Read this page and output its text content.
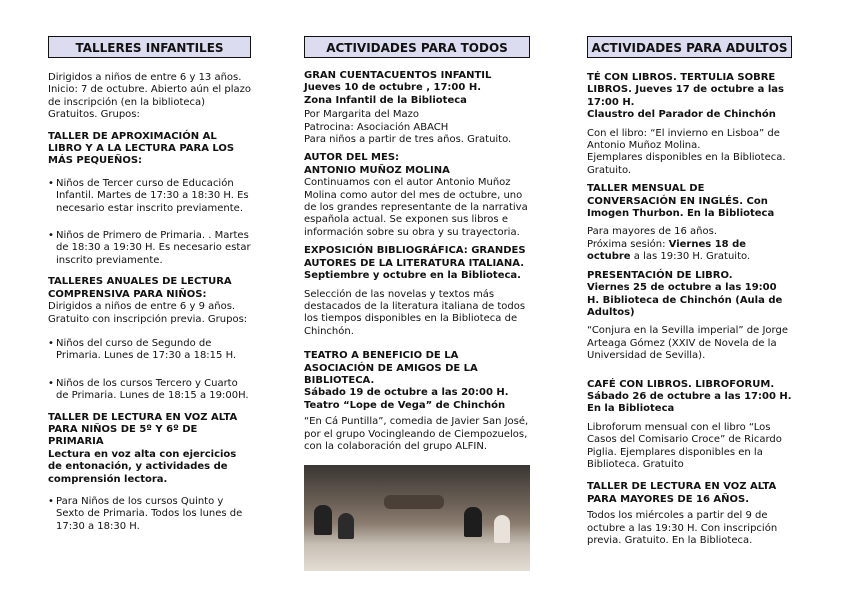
TALLERES INFANTILES

Dirigidos a niños de entre 6 y 13 años. Inicio: 7 de octubre. Abierto aún el plazo de inscripción (en la biblioteca) Gratuitos. Grupos:

TALLER DE APROXIMACIÓN AL LIBRO Y A LA LECTURA PARA LOS MÁS PEQUEÑOS:

• Niños de Tercer curso de Educación Infantil. Martes de 17:30 a 18:30 H. Es necesario estar inscrito previamente.
• Niños de Primero de Primaria. . Martes de 18:30 a 19:30 H. Es necesario estar inscrito previamente.

TALLERES ANUALES DE LECTURA COMPRENSIVA PARA NIÑOS:

Dirigidos a niños de entre 6 y 9 años. Gratuito con inscripción previa. Grupos:

• Niños del curso de Segundo de Primaria. Lunes de 17:30 a 18:15 H.
• Niños de los cursos Tercero y Cuarto de Primaria. Lunes de 18:15 a 19:00H.

TALLER DE LECTURA EN VOZ ALTA PARA NIÑOS DE 5º Y 6º DE PRIMARIA

Lectura en voz alta con ejercicios de entonación, y actividades de comprensión lectora.

• Para Niños de los cursos Quinto y Sexto de Primaria. Todos los lunes de 17:30 a 18:30 H.
ACTIVIDADES PARA TODOS

GRAN CUENTACUENTOS INFANTIL

Jueves 10 de octubre , 17:00 H.

Zona Infantil de la Biblioteca

Por Margarita del Mazo

Patrocina: Asociación ABACH

Para niños a partir de tres años. Gratuito.

AUTOR DEL MES:

ANTONIO MUÑOZ MOLINA

Continuamos con el autor Antonio Muñoz Molina como autor del mes de octubre, uno de los grandes representante de la narrativa española actual. Se exponen sus libros e información sobre su obra y su trayectoria.

EXPOSICIÓN BIBLIOGRÁFICA: GRANDES AUTORES DE LA LITERATURA ITALIANA.

Septiembre y octubre en la Biblioteca.

Selección de las novelas y textos más destacados de la literatura italiana de todos los tiempos disponibles en la Biblioteca de Chinchón.

TEATRO A BENEFICIO DE LA ASOCIACIÓN DE AMIGOS DE LA BIBLIOTECA.

Sábado 19 de octubre a las 20:00 H.

Teatro “Lope de Vega” de Chinchón

“En Cá Puntilla”, comedia de Javier San José, por el grupo Vocingleando de Ciempozuelos, con la colaboración del grupo ALFIN.

ACTIVIDADES PARA ADULTOS

TÉ CON LIBROS. TERTULIA SOBRE LIBROS. Jueves 17 de octubre a las 17:00 H.

Claustro del Parador de Chinchón

Con el libro: “El invierno en Lisboa” de Antonio Muñoz Molina.

Ejemplares disponibles en la Biblioteca. Gratuito.

TALLER MENSUAL DE CONVERSACIÓN EN INGLÉS. Con Imogen Thurbon. En la Biblioteca

Para mayores de 16 años.

Próxima sesión: Viernes 18 de octubre a las 19:30 H. Gratuito.

PRESENTACIÓN DE LIBRO.

Viernes 25 de octubre a las 19:00 H. Biblioteca de Chinchón (Aula de Adultos)

“Conjura en la Sevilla imperial” de Jorge Arteaga Gómez (XXIV de Novela de la Universidad de Sevilla).

CAFÉ CON LIBROS. LIBROFORUM. Sábado 26 de octubre a las 17:00 H. En la Biblioteca

Libroforum mensual con el libro “Los Casos del Comisario Croce” de Ricardo Piglia. Ejemplares disponibles en la Biblioteca. Gratuito

TALLER DE LECTURA EN VOZ ALTA PARA MAYORES DE 16 AÑOS.

Todos los miércoles a partir del 9 de octubre a las 19:30 H. Con inscripción previa. Gratuito. En la Biblioteca.
